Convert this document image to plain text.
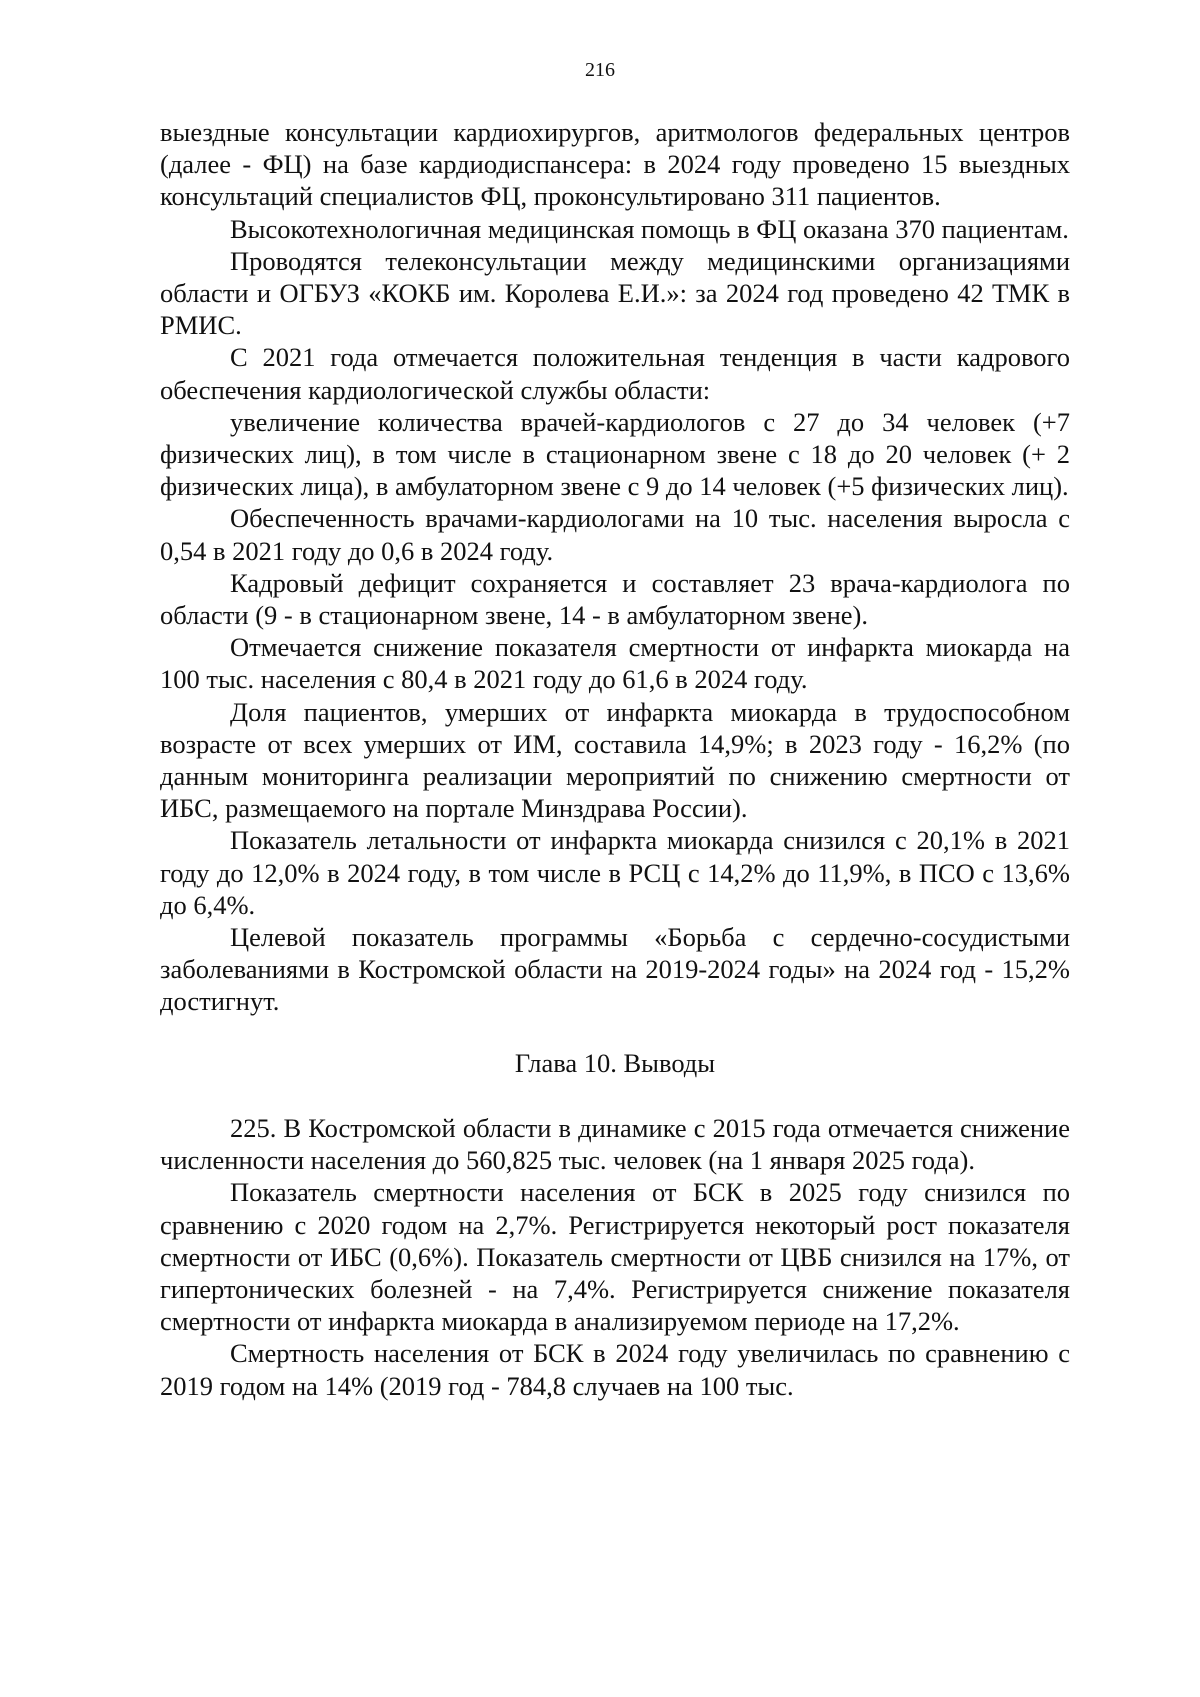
216

выездные консультации кардиохирургов, аритмологов федеральных центров (далее - ФЦ) на базе кардиодиспансера: в 2024 году проведено 15 выездных консультаций специалистов ФЦ, проконсультировано 311 пациентов.

Высокотехнологичная медицинская помощь в ФЦ оказана 370 пациентам.

Проводятся телеконсультации между медицинскими организациями области и ОГБУЗ «КОКБ им. Королева Е.И.»: за 2024 год проведено 42 ТМК в РМИС.

С 2021 года отмечается положительная тенденция в части кадрового обеспечения кардиологической службы области:

увеличение количества врачей-кардиологов с 27 до 34 человек (+7 физических лиц), в том числе в стационарном звене с 18 до 20 человек (+ 2 физических лица), в амбулаторном звене с 9 до 14 человек (+5 физических лиц).

Обеспеченность врачами-кардиологами на 10 тыс. населения выросла с 0,54 в 2021 году до 0,6 в 2024 году.

Кадровый дефицит сохраняется и составляет 23 врача-кардиолога по области (9 - в стационарном звене, 14 - в амбулаторном звене).

Отмечается снижение показателя смертности от инфаркта миокарда на 100 тыс. населения с 80,4 в 2021 году до 61,6 в 2024 году.

Доля пациентов, умерших от инфаркта миокарда в трудоспособном возрасте от всех умерших от ИМ, составила 14,9%; в 2023 году - 16,2% (по данным мониторинга реализации мероприятий по снижению смертности от ИБС, размещаемого на портале Минздрава России).

Показатель летальности от инфаркта миокарда снизился с 20,1% в 2021 году до 12,0% в 2024 году, в том числе в РСЦ с 14,2% до 11,9%, в ПСО с 13,6% до 6,4%.

Целевой показатель программы «Борьба с сердечно-сосудистыми заболеваниями в Костромской области на 2019-2024 годы» на 2024 год - 15,2% достигнут.

Глава 10. Выводы

225. В Костромской области в динамике с 2015 года отмечается снижение численности населения до 560,825 тыс. человек (на 1 января 2025 года).

Показатель смертности населения от БСК в 2025 году снизился по сравнению с 2020 годом на 2,7%. Регистрируется некоторый рост показателя смертности от ИБС (0,6%). Показатель смертности от ЦВБ снизился на 17%, от гипертонических болезней - на 7,4%. Регистрируется снижение показателя смертности от инфаркта миокарда в анализируемом периоде на 17,2%.

Смертность населения от БСК в 2024 году увеличилась по сравнению с 2019 годом на 14% (2019 год - 784,8 случаев на 100 тыс.
